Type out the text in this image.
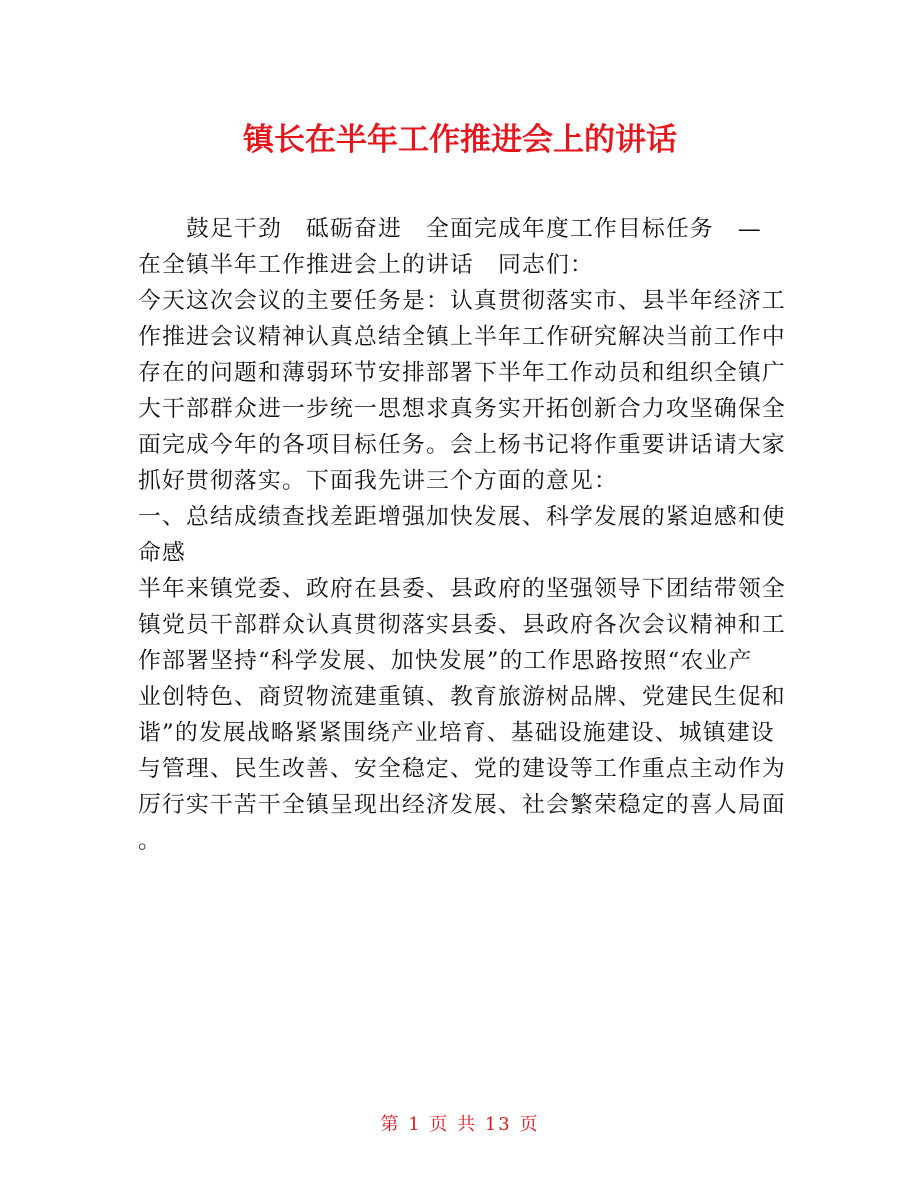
镇长在半年工作推进会上的讲话
鼓足干劲　砥砺奋进　全面完成年度工作目标任务　—
在全镇半年工作推进会上的讲话　同志们：
今天这次会议的主要任务是：认真贯彻落实市、县半年经济工
作推进会议精神认真总结全镇上半年工作研究解决当前工作中
存在的问题和薄弱环节安排部署下半年工作动员和组织全镇广
大干部群众进一步统一思想求真务实开拓创新合力攻坚确保全
面完成今年的各项目标任务。会上杨书记将作重要讲话请大家
抓好贯彻落实。下面我先讲三个方面的意见：
一、总结成绩查找差距增强加快发展、科学发展的紧迫感和使
命感
半年来镇党委、政府在县委、县政府的坚强领导下团结带领全
镇党员干部群众认真贯彻落实县委、县政府各次会议精神和工
作部署坚持“科学发展、加快发展”的工作思路按照“农业产
业创特色、商贸物流建重镇、教育旅游树品牌、党建民生促和
谐”的发展战略紧紧围绕产业培育、基础设施建设、城镇建设
与管理、民生改善、安全稳定、党的建设等工作重点主动作为
厉行实干苦干全镇呈现出经济发展、社会繁荣稳定的喜人局面
。
第 1 页 共 13 页
